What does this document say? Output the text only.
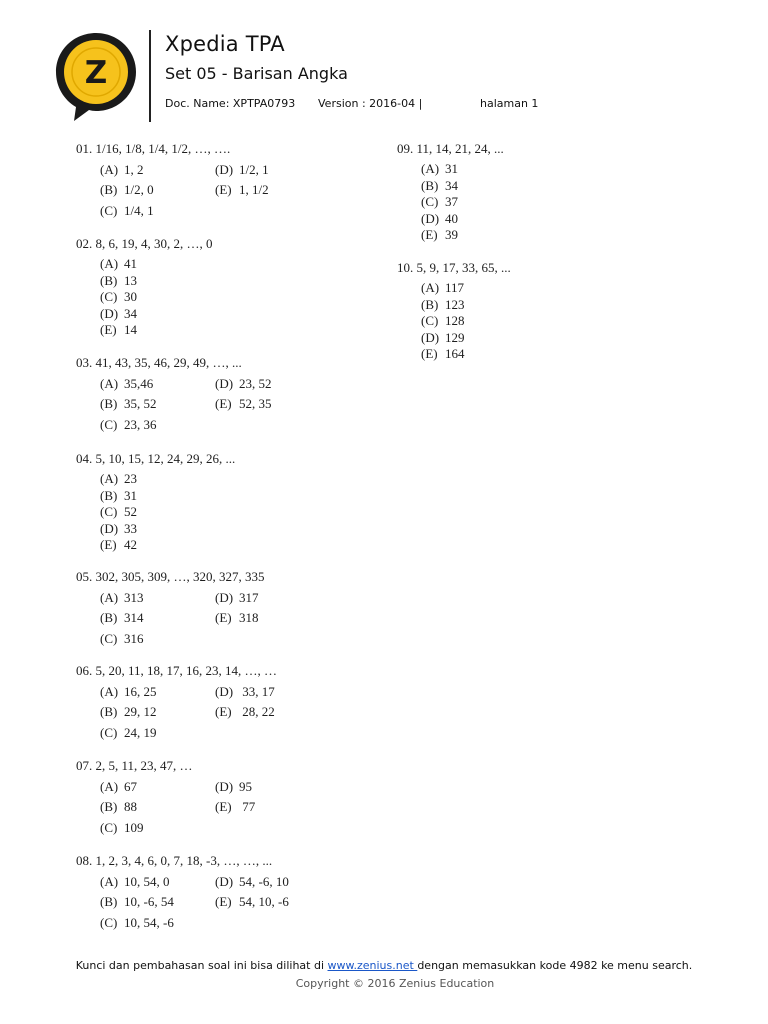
Z
Xpedia TPA
Set 05 - Barisan Angka
Doc. Name: XPTPA0793 Version : 2016-04 |	halaman 1
01. 1/16, 1/8, 1/4, 1/2, …, ….
(A) 1, 2
(B) 1/2, 0
(C) 1/4, 1
(D) 1/2, 1
(E) 1, 1/2
02. 8, 6, 19, 4, 30, 2, …, 0
(A) 41
(B) 13
(C) 30
(D) 34
(E) 14
03. 41, 43, 35, 46, 29, 49, …, ...
(A) 35,46
(B) 35, 52
(C) 23, 36
(D) 23, 52
(E) 52, 35
04. 5, 10, 15, 12, 24, 29, 26, ...
(A) 23
(B) 31
(C) 52
(D) 33
(E) 42
05. 302, 305, 309, …, 320, 327, 335
(A) 313
(B) 314
(C) 316
(D) 317
(E) 318
06. 5, 20, 11, 18, 17, 16, 23, 14, …, …
(A) 16, 25
(B) 29, 12
(C) 24, 19
(D) 33, 17
(E) 28, 22
07. 2, 5, 11, 23, 47, …
(A) 67
(B) 88
(C) 109
(D) 95
(E) 77
08. 1, 2, 3, 4, 6, 0, 7, 18, -3, …, …, ...
(A) 10, 54, 0
(B) 10, -6, 54
(C) 10, 54, -6
(D) 54, -6, 10
(E) 54, 10, -6
09. 11, 14, 21, 24, ...
(A) 31
(B) 34
(C) 37
(D) 40
(E) 39
10. 5, 9, 17, 33, 65, ...
(A) 117
(B) 123
(C) 128
(D) 129
(E) 164
Kunci dan pembahasan soal ini bisa dilihat di www.zenius.net dengan memasukkan kode 4982 ke menu search.
Copyright © 2016 Zenius Education
